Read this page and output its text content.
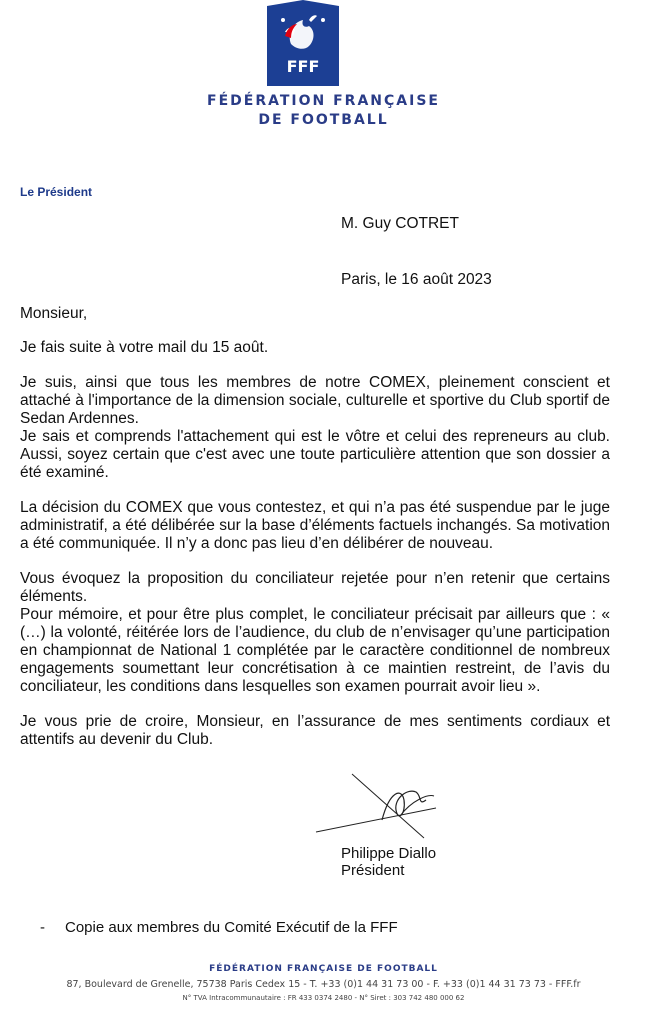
FFF
FÉDÉRATION FRANÇAISE
DE FOOTBALL
Le Président
M. Guy COTRET
Paris, le 16 août 2023

Monsieur,

Je fais suite à votre mail du 15 août.

Je suis, ainsi que tous les membres de notre COMEX, pleinement conscient et attaché à l'importance de la dimension sociale, culturelle et sportive du Club sportif de Sedan Ardennes.

Je sais et comprends l'attachement qui est le vôtre et celui des repreneurs au club. Aussi, soyez certain que c'est avec une toute particulière attention que son dossier a été examiné.

La décision du COMEX que vous contestez, et qui n’a pas été suspendue par le juge administratif, a été délibérée sur la base d’éléments factuels inchangés. Sa motivation a été communiquée. Il n’y a donc pas lieu d’en délibérer de nouveau.

Vous évoquez la proposition du conciliateur rejetée pour n’en retenir que certains éléments.

Pour mémoire, et pour être plus complet, le conciliateur précisait par ailleurs que : « (…) la volonté, réitérée lors de l’audience, du club de n’envisager qu’une participation en championnat de National 1 complétée par le caractère conditionnel de nombreux engagements soumettant leur concrétisation à ce maintien restreint, de l’avis du conciliateur, les conditions dans lesquelles son examen pourrait avoir lieu ».

Je vous prie de croire, Monsieur, en l’assurance de mes sentiments cordiaux et attentifs au devenir du Club.

Philippe Diallo
Président
- Copie aux membres du Comité Exécutif de la FFF
FÉDÉRATION FRANÇAISE DE FOOTBALL
87, Boulevard de Grenelle, 75738 Paris Cedex 15 - T. +33 (0)1 44 31 73 00 - F. +33 (0)1 44 31 73 73 - FFF.fr
N° TVA Intracommunautaire : FR 433 0374 2480 - N° Siret : 303 742 480 000 62
